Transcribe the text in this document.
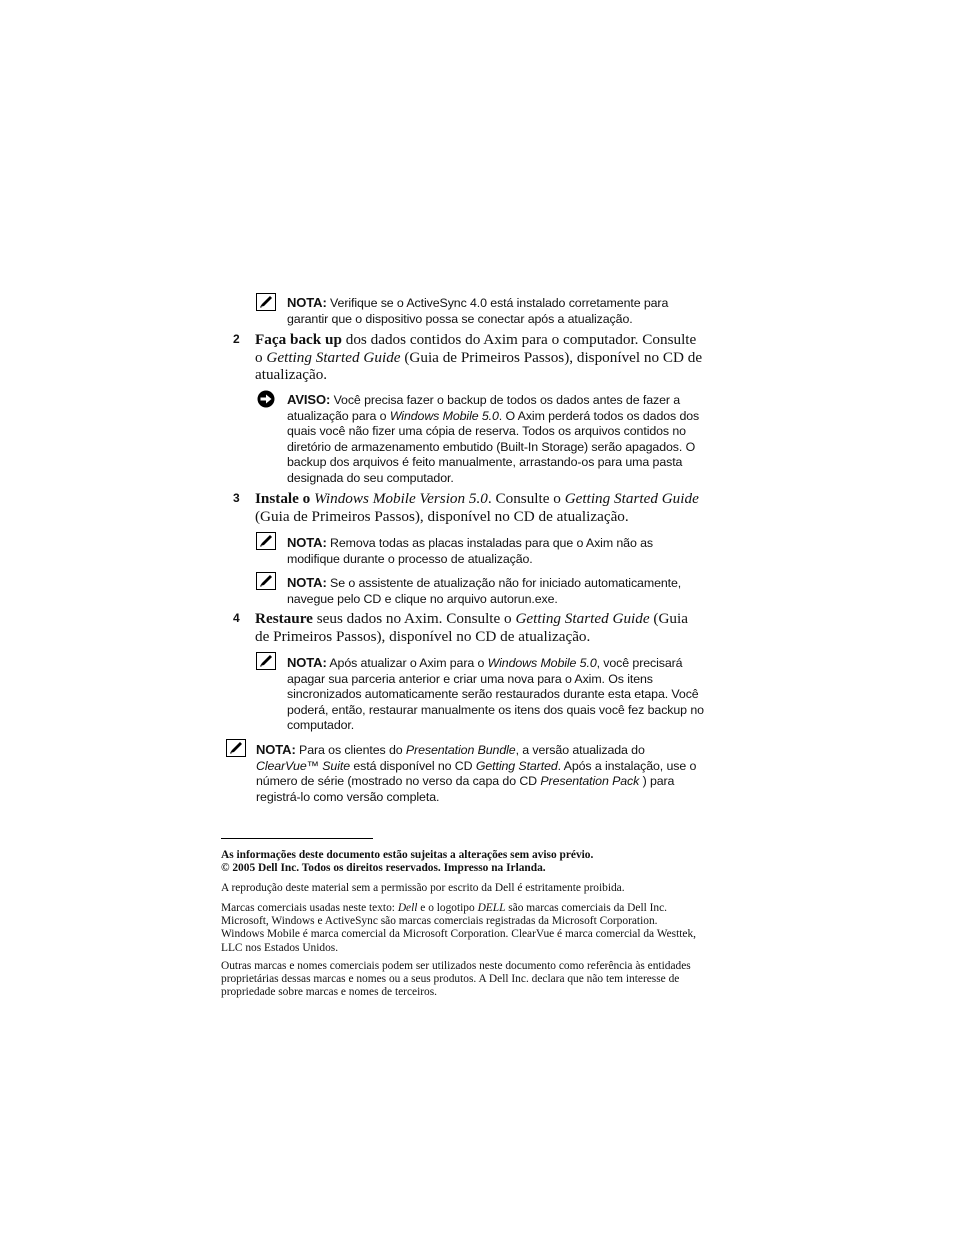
NOTA: Verifique se o ActiveSync 4.0 está instalado corretamente para garantir que o dispositivo possa se conectar após a atualização.
2 Faça back up dos dados contidos do Axim para o computador. Consulte o Getting Started Guide (Guia de Primeiros Passos), disponível no CD de atualização.
AVISO: Você precisa fazer o backup de todos os dados antes de fazer a atualização para o Windows Mobile 5.0. O Axim perderá todos os dados dos quais você não fizer uma cópia de reserva. Todos os arquivos contidos no diretório de armazenamento embutido (Built-In Storage) serão apagados. O backup dos arquivos é feito manualmente, arrastando-os para uma pasta designada do seu computador.
3 Instale o Windows Mobile Version 5.0. Consulte o Getting Started Guide (Guia de Primeiros Passos), disponível no CD de atualização.
NOTA: Remova todas as placas instaladas para que o Axim não as modifique durante o processo de atualização.
NOTA: Se o assistente de atualização não for iniciado automaticamente, navegue pelo CD e clique no arquivo autorun.exe.
4 Restaure seus dados no Axim. Consulte o Getting Started Guide (Guia de Primeiros Passos), disponível no CD de atualização.
NOTA: Após atualizar o Axim para o Windows Mobile 5.0, você precisará apagar sua parceria anterior e criar uma nova para o Axim. Os itens sincronizados automaticamente serão restaurados durante esta etapa. Você poderá, então, restaurar manualmente os itens dos quais você fez backup no computador.
NOTA: Para os clientes do Presentation Bundle, a versão atualizada do ClearVue™ Suite está disponível no CD Getting Started. Após a instalação, use o número de série (mostrado no verso da capa do CD Presentation Pack ) para registrá-lo como versão completa.
As informações deste documento estão sujeitas a alterações sem aviso prévio.
© 2005 Dell Inc. Todos os direitos reservados. Impresso na Irlanda.
A reprodução deste material sem a permissão por escrito da Dell é estritamente proibida.
Marcas comerciais usadas neste texto: Dell e o logotipo DELL são marcas comerciais da Dell Inc. Microsoft, Windows e ActiveSync são marcas comerciais registradas da Microsoft Corporation. Windows Mobile é marca comercial da Microsoft Corporation. ClearVue é marca comercial da Westtek, LLC nos Estados Unidos.
Outras marcas e nomes comerciais podem ser utilizados neste documento como referência às entidades proprietárias dessas marcas e nomes ou a seus produtos. A Dell Inc. declara que não tem interesse de propriedade sobre marcas e nomes de terceiros.
